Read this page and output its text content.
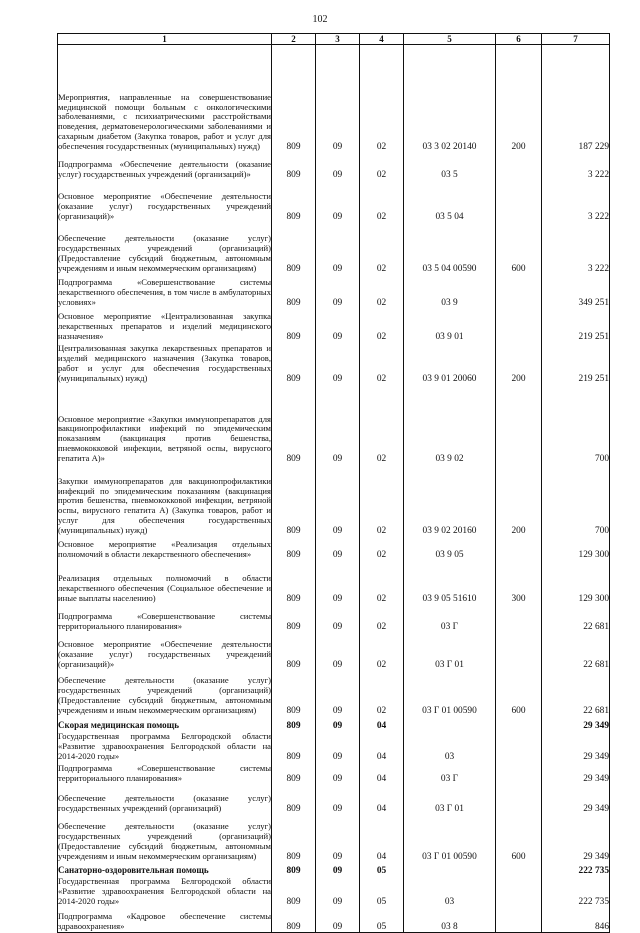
102
1	2	3	4	5	6	7
Мероприятия, направленные на совершенствование медицинской помощи больным с онкологическими заболеваниями, с психиатрическими расстройствами поведения, дерматовенерологическими заболеваниями и сахарным диабетом (Закупка товаров, работ и услуг для обеспечения государственных (муниципальных) нужд)	809	09	02	03 3 02 20140	200	187 229
Подпрограмма «Обеспечение деятельности (оказание услуг) государственных учреждений (организаций)»	809	09	02	03 5		3 222
Основное мероприятие «Обеспечение деятельности (оказание услуг) государственных учреждений (организаций)»	809	09	02	03 5 04		3 222
Обеспечение деятельности (оказание услуг) государственных учреждений (организаций) (Предоставление субсидий бюджетным, автономным учреждениям и иным некоммерческим организациям)	809	09	02	03 5 04 00590	600	3 222
Подпрограмма «Совершенствование системы лекарственного обеспечения, в том числе в амбулаторных условиях»	809	09	02	03 9		349 251
Основное мероприятие «Централизованная закупка лекарственных препаратов и изделий медицинского назначения»	809	09	02	03 9 01		219 251
Централизованная закупка лекарственных препаратов и изделий медицинского назначения (Закупка товаров, работ и услуг для обеспечения государственных (муниципальных) нужд)	809	09	02	03 9 01 20060	200	219 251
Основное мероприятие «Закупки иммунопрепаратов для вакцинопрофилактики инфекций по эпидемическим показаниям (вакцинация против бешенства, пневмококковой инфекции, ветряной оспы, вирусного гепатита А)»	809	09	02	03 9 02		700
Закупки иммунопрепаратов для вакцинопрофилактики инфекций по эпидемическим показаниям (вакцинация против бешенства, пневмококковой инфекции, ветряной оспы, вирусного гепатита А) (Закупка товаров, работ и услуг для обеспечения государственных (муниципальных) нужд)	809	09	02	03 9 02 20160	200	700
Основное мероприятие «Реализация отдельных полномочий в области лекарственного обеспечения»	809	09	02	03 9 05		129 300
Реализация отдельных полномочий в области лекарственного обеспечения (Социальное обеспечение и иные выплаты населению)	809	09	02	03 9 05 51610	300	129 300
Подпрограмма «Совершенствование системы территориального планирования»	809	09	02	03 Г		22 681
Основное мероприятие «Обеспечение деятельности (оказание услуг) государственных учреждений (организаций)»	809	09	02	03 Г 01		22 681
Обеспечение деятельности (оказание услуг) государственных учреждений (организаций) (Предоставление субсидий бюджетным, автономным учреждениям и иным некоммерческим организациям)	809	09	02	03 Г 01 00590	600	22 681
Скорая медицинская помощь	809	09	04			29 349
Государственная программа Белгородской области «Развитие здравоохранения Белгородской области на 2014-2020 годы»	809	09	04	03		29 349
Подпрограмма «Совершенствование системы территориального планирования»	809	09	04	03 Г		29 349
Обеспечение деятельности (оказание услуг) государственных учреждений (организаций)	809	09	04	03 Г 01		29 349
Обеспечение деятельности (оказание услуг) государственных учреждений (организаций) (Предоставление субсидий бюджетным, автономным учреждениям и иным некоммерческим организациям)	809	09	04	03 Г 01 00590	600	29 349
Санаторно-оздоровительная помощь	809	09	05			222 735
Государственная программа Белгородской области «Развитие здравоохранения Белгородской области на 2014-2020 годы»	809	09	05	03		222 735
Подпрограмма «Кадровое обеспечение системы здравоохранения»	809	09	05	03 8		846
